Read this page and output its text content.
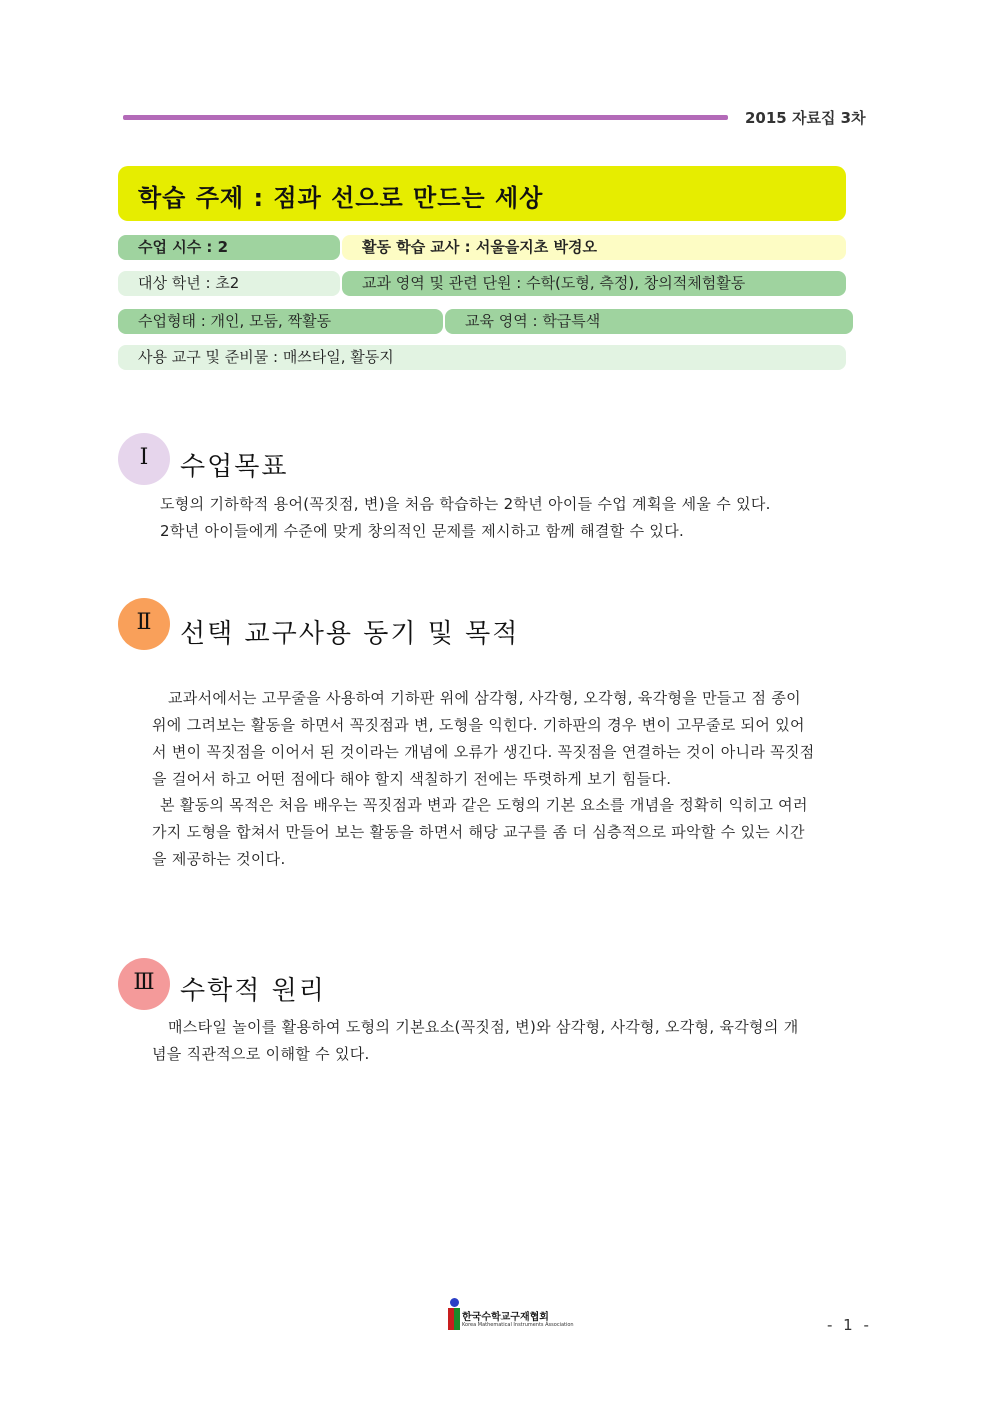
2015 자료집 3차
학습 주제 : 점과 선으로 만드는 세상
수업 시수 : 2	활동 학습 교사 : 서울을지초 박경오
대상 학년 : 초2	교과 영역 및 관련 단원 : 수학(도형, 측정), 창의적체험활동
수업형태 : 개인, 모둠, 짝활동	교육 영역 : 학급특색
사용 교구 및 준비물 : 매쓰타일, 활동지
Ⅰ	수업목표
도형의 기하학적 용어(꼭짓점, 변)을 처음 학습하는 2학년 아이들 수업 계획을 세울 수 있다.
2학년 아이들에게 수준에 맞게 창의적인 문제를 제시하고 함께 해결할 수 있다.
Ⅱ	선택 교구사용 동기 및 목적
교과서에서는 고무줄을 사용하여 기하판 위에 삼각형, 사각형, 오각형, 육각형을 만들고 점 종이
위에 그려보는 활동을 하면서 꼭짓점과 변, 도형을 익힌다. 기하판의 경우 변이 고무줄로 되어 있어
서 변이 꼭짓점을 이어서 된 것이라는 개념에 오류가 생긴다. 꼭짓점을 연결하는 것이 아니라 꼭짓점
을 걸어서 하고 어떤 점에다 해야 할지 색칠하기 전에는 뚜렷하게 보기 힘들다.
본 활동의 목적은 처음 배우는 꼭짓점과 변과 같은 도형의 기본 요소를 개념을 정확히 익히고 여러
가지 도형을 합쳐서 만들어 보는 활동을 하면서 해당 교구를 좀 더 심층적으로 파악할 수 있는 시간
을 제공하는 것이다.
Ⅲ 수학적 원리
매스타일 놀이를 활용하여 도형의 기본요소(꼭짓점, 변)와 삼각형, 사각형, 오각형, 육각형의 개
념을 직관적으로 이해할 수 있다.
한국수학교구재협회
Korea Mathematical Instruments Association	- 1 -
